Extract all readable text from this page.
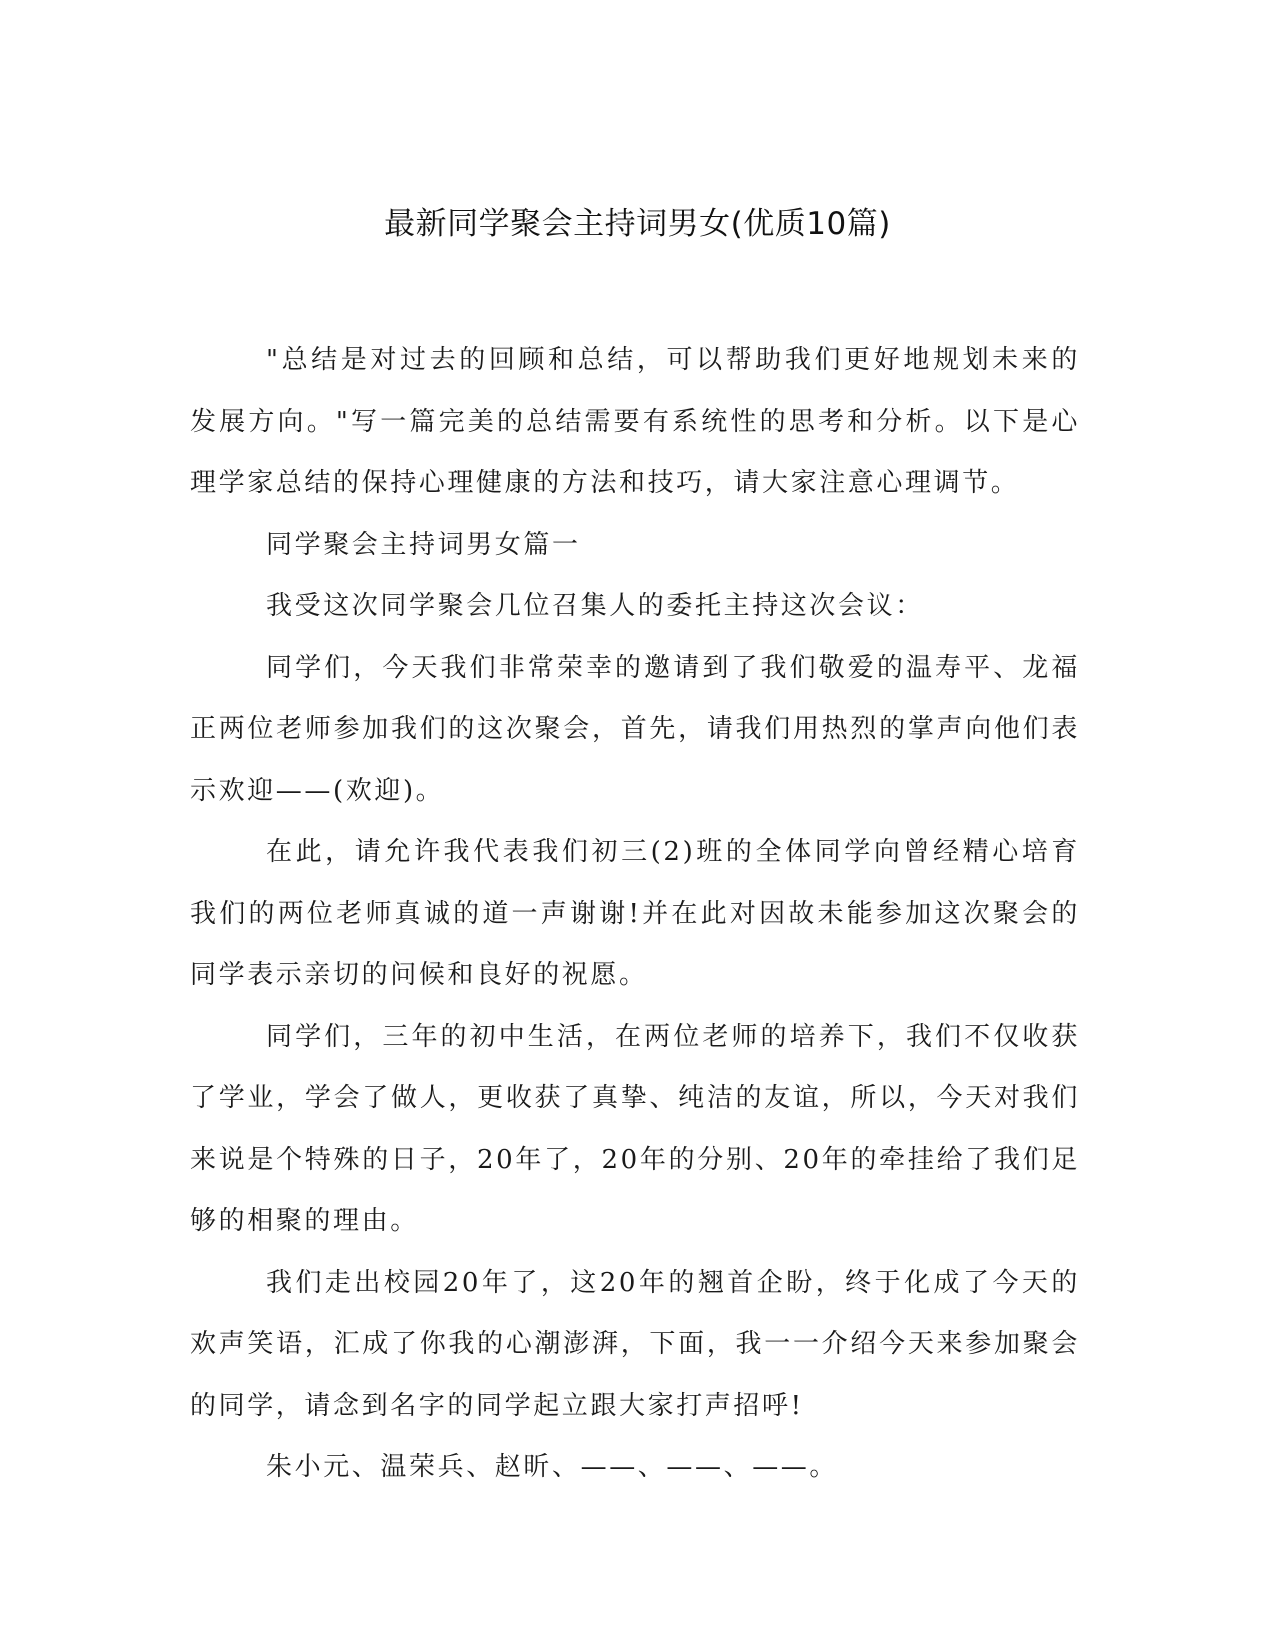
最新同学聚会主持词男女(优质10篇)

"总结是对过去的回顾和总结，可以帮助我们更好地规划未来的发展方向。"写一篇完美的总结需要有系统性的思考和分析。以下是心理学家总结的保持心理健康的方法和技巧，请大家注意心理调节。

同学聚会主持词男女篇一

我受这次同学聚会几位召集人的委托主持这次会议：

同学们，今天我们非常荣幸的邀请到了我们敬爱的温寿平、龙福正两位老师参加我们的这次聚会，首先，请我们用热烈的掌声向他们表示欢迎——(欢迎)。

在此，请允许我代表我们初三(2)班的全体同学向曾经精心培育我们的两位老师真诚的道一声谢谢!并在此对因故未能参加这次聚会的同学表示亲切的问候和良好的祝愿。

同学们，三年的初中生活，在两位老师的培养下，我们不仅收获了学业，学会了做人，更收获了真挚、纯洁的友谊，所以，今天对我们来说是个特殊的日子，20年了，20年的分别、20年的牵挂给了我们足够的相聚的理由。

我们走出校园20年了，这20年的翘首企盼，终于化成了今天的欢声笑语，汇成了你我的心潮澎湃，下面，我一一介绍今天来参加聚会的同学，请念到名字的同学起立跟大家打声招呼!

朱小元、温荣兵、赵昕、——、——、——。
